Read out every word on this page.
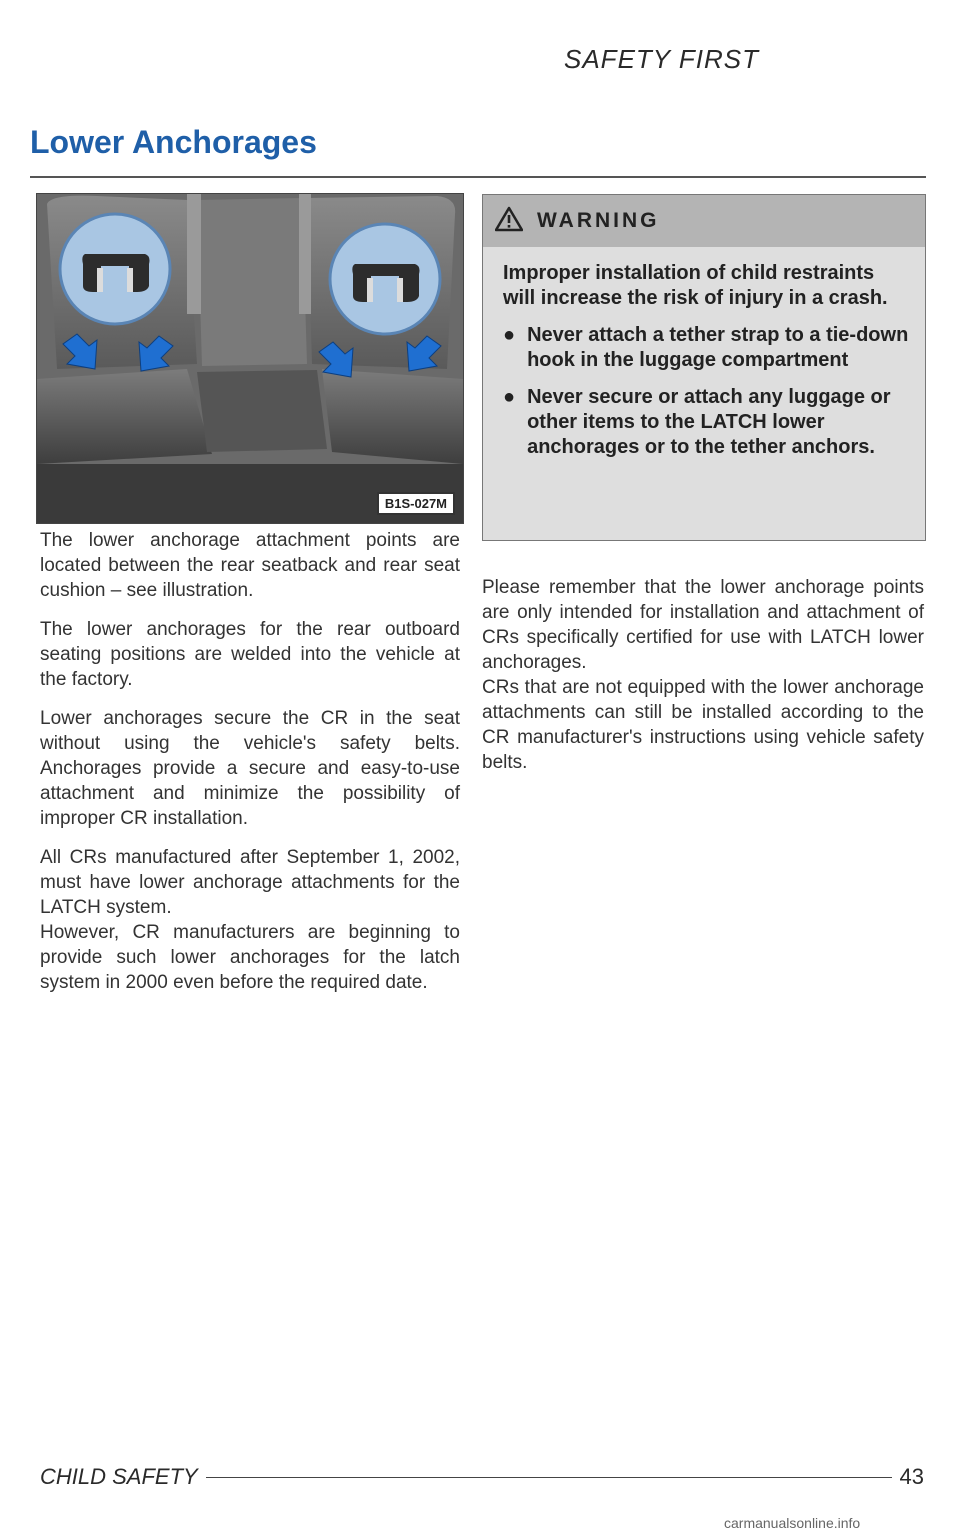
SAFETY FIRST
Lower Anchorages
B1S-027M

The lower anchorage attachment points are located between the rear seatback and rear seat cushion – see illustration.

The lower anchorages for the rear outboard seating positions are welded into the vehicle at the factory.

Lower anchorages secure the CR in the seat without using the vehicle's safety belts. Anchorages provide a secure and easy-to-use attachment and minimize the possibility of improper CR installation.

All CRs manufactured after September 1, 2002, must have lower anchorage attachments for the LATCH system.

However, CR manufacturers are beginning to provide such lower anchorages for the latch system in 2000 even before the required date.

WARNING

Improper installation of child restraints will increase the risk of injury in a crash.

● Never attach a tether strap to a tie-down hook in the luggage compartment
● Never secure or attach any luggage or other items to the LATCH lower anchorages or to the tether anchors.

Please remember that the lower anchorage points are only intended for installation and attachment of CRs specifically certified for use with LATCH lower anchorages.

CRs that are not equipped with the lower anchorage attachments can still be installed according to the CR manufacturer's instructions using vehicle safety belts.

CHILD SAFETY	43
carmanualsonline.info
